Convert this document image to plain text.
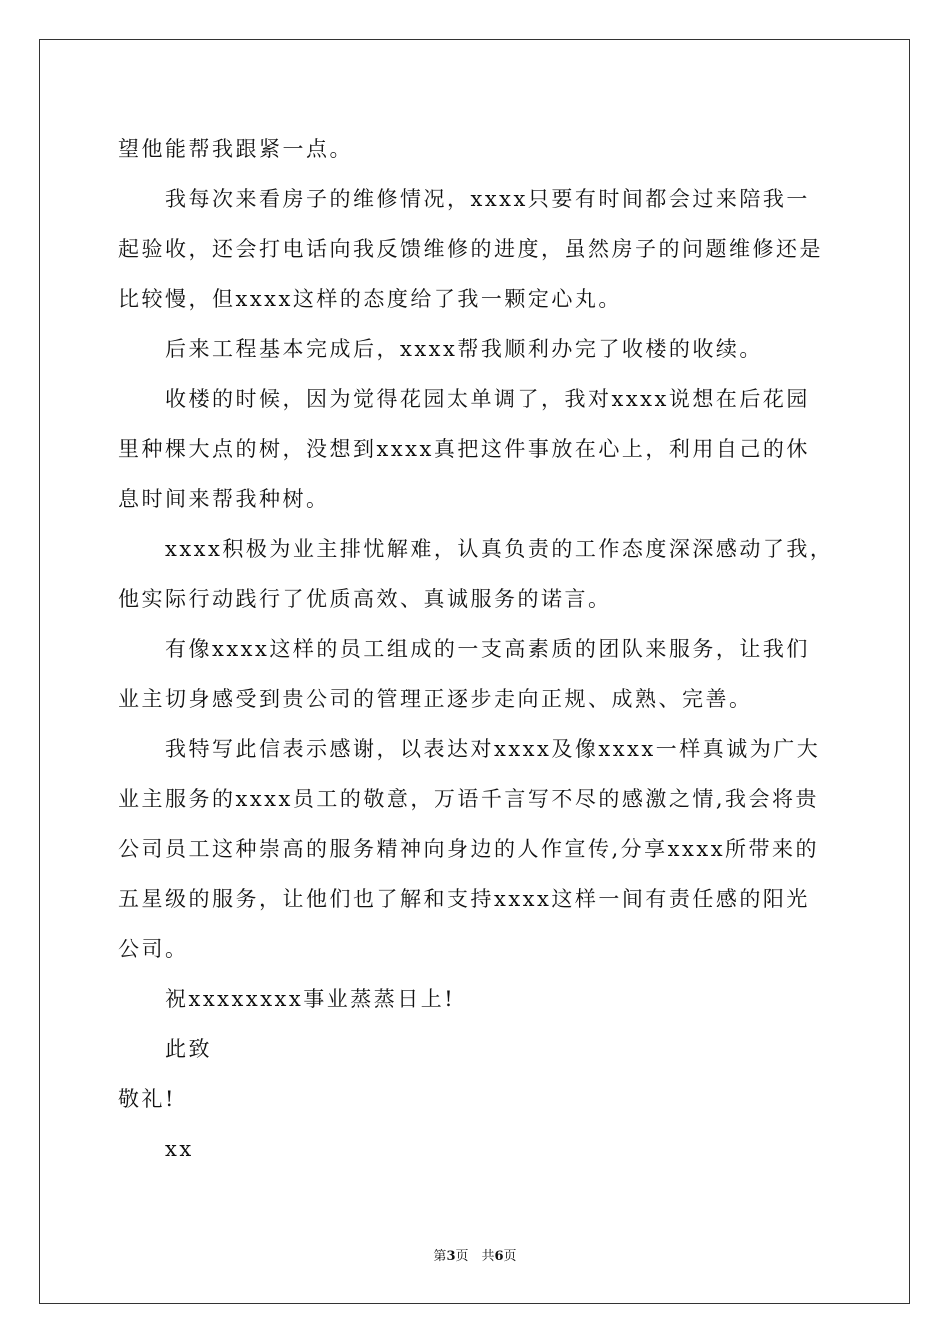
望他能帮我跟紧一点。
我每次来看房子的维修情况，xxxx只要有时间都会过来陪我一
起验收，还会打电话向我反馈维修的进度，虽然房子的问题维修还是
比较慢，但xxxx这样的态度给了我一颗定心丸。
后来工程基本完成后，xxxx帮我顺利办完了收楼的收续。
收楼的时候，因为觉得花园太单调了，我对xxxx说想在后花园
里种棵大点的树，没想到xxxx真把这件事放在心上，利用自己的休
息时间来帮我种树。
xxxx积极为业主排忧解难，认真负责的工作态度深深感动了我，
他实际行动践行了优质高效、真诚服务的诺言。
有像xxxx这样的员工组成的一支高素质的团队来服务，让我们
业主切身感受到贵公司的管理正逐步走向正规、成熟、完善。
我特写此信表示感谢，以表达对xxxx及像xxxx一样真诚为广大
业主服务的xxxx员工的敬意，万语千言写不尽的感激之情,我会将贵
公司员工这种崇高的服务精神向身边的人作宣传,分享xxxx所带来的
五星级的服务，让他们也了解和支持xxxx这样一间有责任感的阳光
公司。
祝xxxxxxxx事业蒸蒸日上!
此致
敬礼!
xx
第3页　共6页
